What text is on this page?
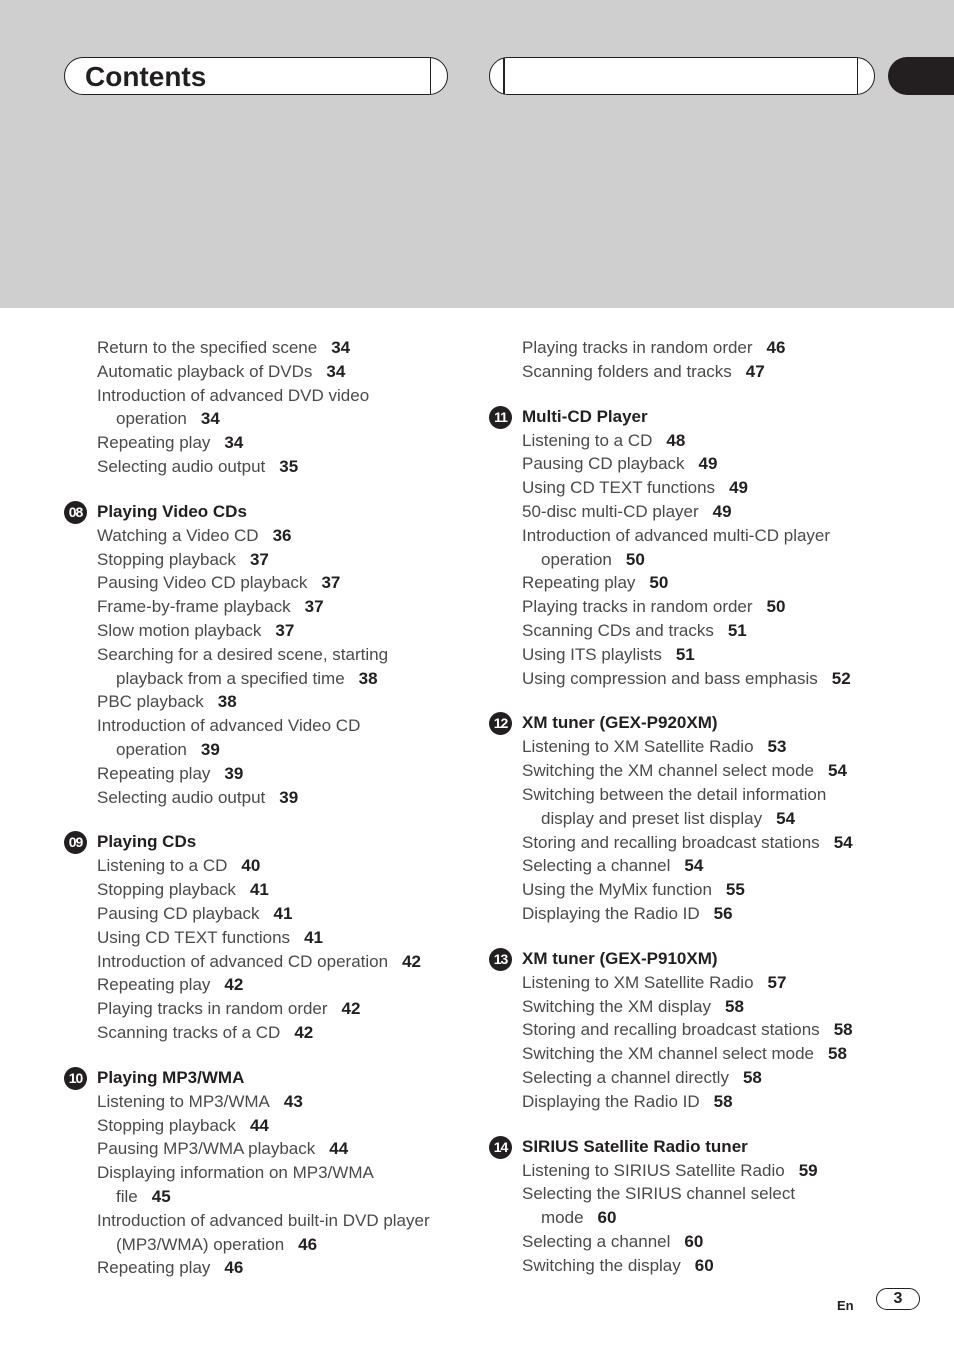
Contents
Return to the specified scene 34
Automatic playback of DVDs 34
Introduction of advanced DVD video
operation 34
Repeating play 34
Selecting audio output 35
08 Playing Video CDs
Watching a Video CD 36
Stopping playback 37
Pausing Video CD playback 37
Frame-by-frame playback 37
Slow motion playback 37
Searching for a desired scene, starting
playback from a specified time 38
PBC playback 38
Introduction of advanced Video CD
operation 39
Repeating play 39
Selecting audio output 39
09 Playing CDs
Listening to a CD 40
Stopping playback 41
Pausing CD playback 41
Using CD TEXT functions 41
Introduction of advanced CD operation 42
Repeating play 42
Playing tracks in random order 42
Scanning tracks of a CD 42
10 Playing MP3/WMA
Listening to MP3/WMA 43
Stopping playback 44
Pausing MP3/WMA playback 44
Displaying information on MP3/WMA
file 45
Introduction of advanced built-in DVD player
(MP3/WMA) operation 46
Repeating play 46
Playing tracks in random order 46
Scanning folders and tracks 47
11 Multi-CD Player
Listening to a CD 48
Pausing CD playback 49
Using CD TEXT functions 49
50-disc multi-CD player 49
Introduction of advanced multi-CD player
operation 50
Repeating play 50
Playing tracks in random order 50
Scanning CDs and tracks 51
Using ITS playlists 51
Using compression and bass emphasis 52
12 XM tuner (GEX-P920XM)
Listening to XM Satellite Radio 53
Switching the XM channel select mode 54
Switching between the detail information
display and preset list display 54
Storing and recalling broadcast stations 54
Selecting a channel 54
Using the MyMix function 55
Displaying the Radio ID 56
13 XM tuner (GEX-P910XM)
Listening to XM Satellite Radio 57
Switching the XM display 58
Storing and recalling broadcast stations 58
Switching the XM channel select mode 58
Selecting a channel directly 58
Displaying the Radio ID 58
14 SIRIUS Satellite Radio tuner
Listening to SIRIUS Satellite Radio 59
Selecting the SIRIUS channel select
mode 60
Selecting a channel 60
Switching the display 60
En	3
